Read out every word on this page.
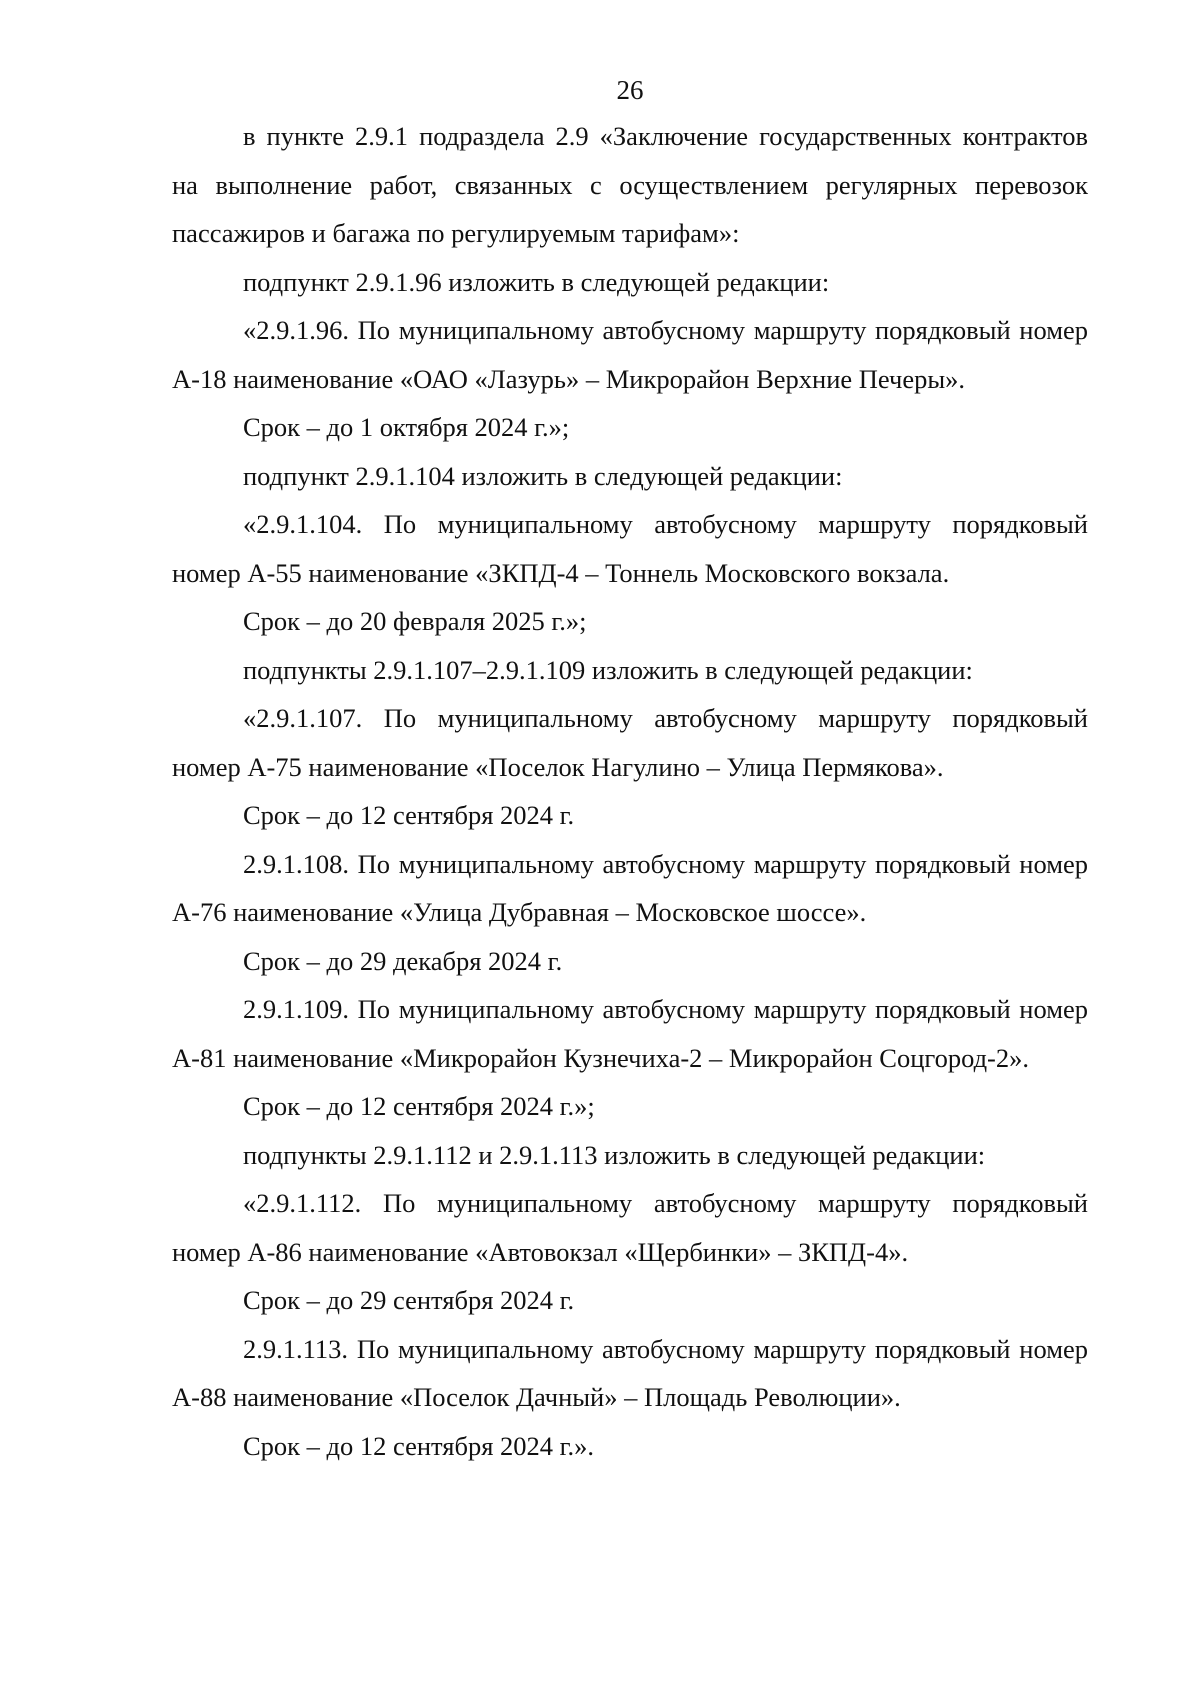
26

в пункте 2.9.1 подраздела 2.9 «Заключение государственных контрактов на выполнение работ, связанных с осуществлением регулярных перевозок пассажиров и багажа по регулируемым тарифам»:

подпункт 2.9.1.96 изложить в следующей редакции:

«2.9.1.96. По муниципальному автобусному маршруту порядковый номер А-18 наименование «ОАО «Лазурь» – Микрорайон Верхние Печеры».

Срок – до 1 октября 2024 г.»;

подпункт 2.9.1.104 изложить в следующей редакции:

«2.9.1.104. По муниципальному автобусному маршруту порядковый номер А-55 наименование «ЗКПД-4 – Тоннель Московского вокзала.

Срок – до 20 февраля 2025 г.»;

подпункты 2.9.1.107–2.9.1.109 изложить в следующей редакции:

«2.9.1.107. По муниципальному автобусному маршруту порядковый номер А-75 наименование «Поселок Нагулино – Улица Пермякова».

Срок – до 12 сентября 2024 г.

2.9.1.108. По муниципальному автобусному маршруту порядковый номер А-76 наименование «Улица Дубравная – Московское шоссе».

Срок – до 29 декабря 2024 г.

2.9.1.109. По муниципальному автобусному маршруту порядковый номер А-81 наименование «Микрорайон Кузнечиха-2 – Микрорайон Соцгород-2».

Срок – до 12 сентября 2024 г.»;

подпункты 2.9.1.112 и 2.9.1.113 изложить в следующей редакции:

«2.9.1.112. По муниципальному автобусному маршруту порядковый номер А-86 наименование «Автовокзал «Щербинки» – ЗКПД-4».

Срок – до 29 сентября 2024 г.

2.9.1.113. По муниципальному автобусному маршруту порядковый номер А-88 наименование «Поселок Дачный» – Площадь Революции».

Срок – до 12 сентября 2024 г.».
